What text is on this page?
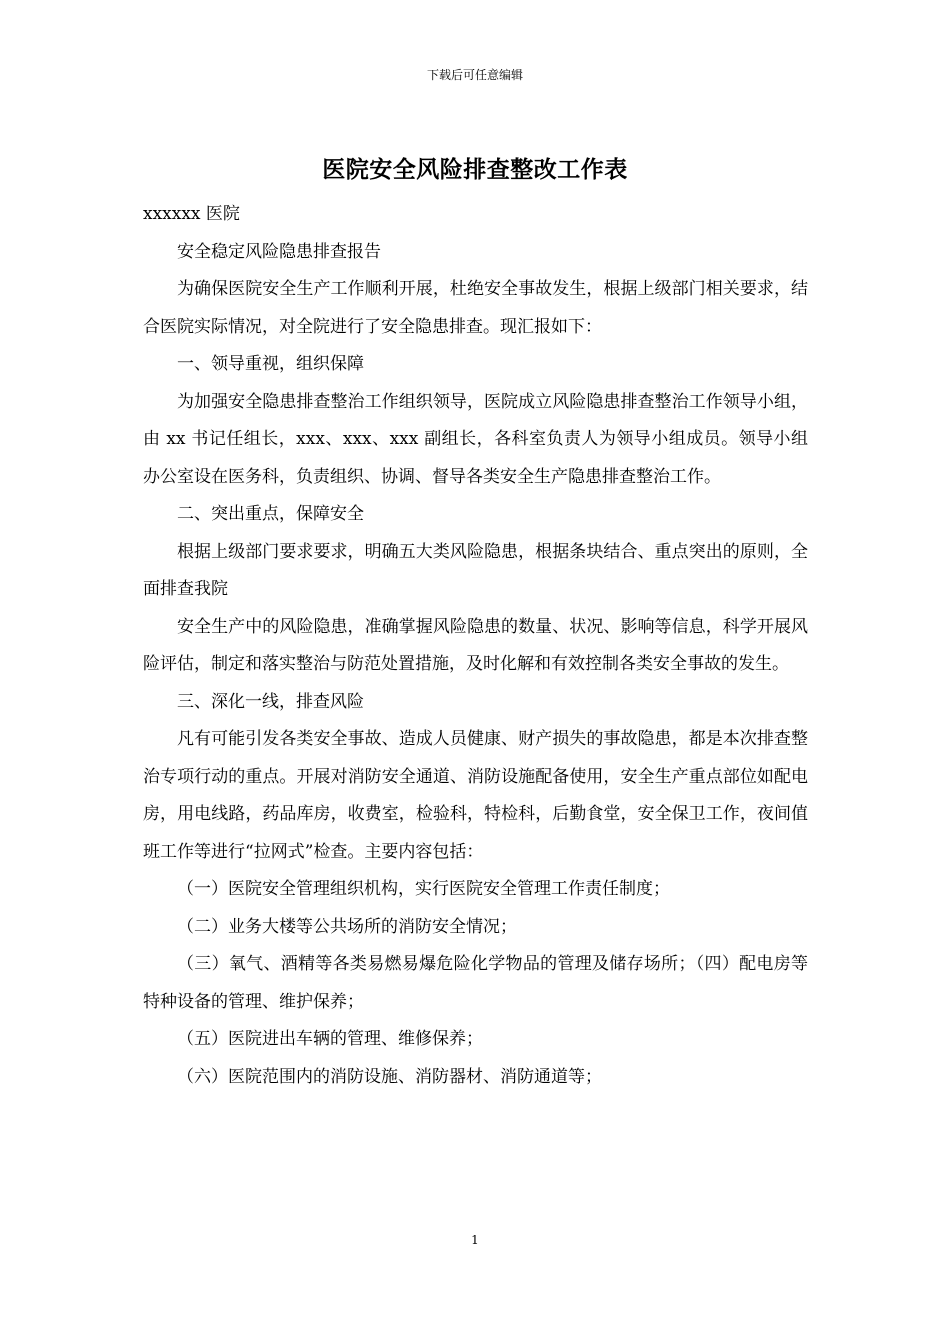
下载后可任意编辑
医院安全风险排查整改工作表

xxxxxx 医院

安全稳定风险隐患排查报告

为确保医院安全生产工作顺利开展，杜绝安全事故发生，根据上级部门相关要求，结合医院实际情况，对全院进行了安全隐患排查。现汇报如下：

一、领导重视，组织保障

为加强安全隐患排查整治工作组织领导，医院成立风险隐患排查整治工作领导小组，由 xx 书记任组长，xxx、xxx、xxx 副组长，各科室负责人为领导小组成员。领导小组办公室设在医务科，负责组织、协调、督导各类安全生产隐患排查整治工作。

二、突出重点，保障安全

根据上级部门要求要求，明确五大类风险隐患，根据条块结合、重点突出的原则，全面排查我院

安全生产中的风险隐患，准确掌握风险隐患的数量、状况、影响等信息，科学开展风险评估，制定和落实整治与防范处置措施，及时化解和有效控制各类安全事故的发生。

三、深化一线，排查风险

凡有可能引发各类安全事故、造成人员健康、财产损失的事故隐患，都是本次排查整治专项行动的重点。开展对消防安全通道、消防设施配备使用，安全生产重点部位如配电房，用电线路，药品库房，收费室，检验科，特检科，后勤食堂，安全保卫工作，夜间值班工作等进行“拉网式”检查。主要内容包括：

（一）医院安全管理组织机构，实行医院安全管理工作责任制度；

（二）业务大楼等公共场所的消防安全情况；

（三）氧气、酒精等各类易燃易爆危险化学物品的管理及储存场所；（四）配电房等特种设备的管理、维护保养；

（五）医院进出车辆的管理、维修保养；

（六）医院范围内的消防设施、消防器材、消防通道等；

1
